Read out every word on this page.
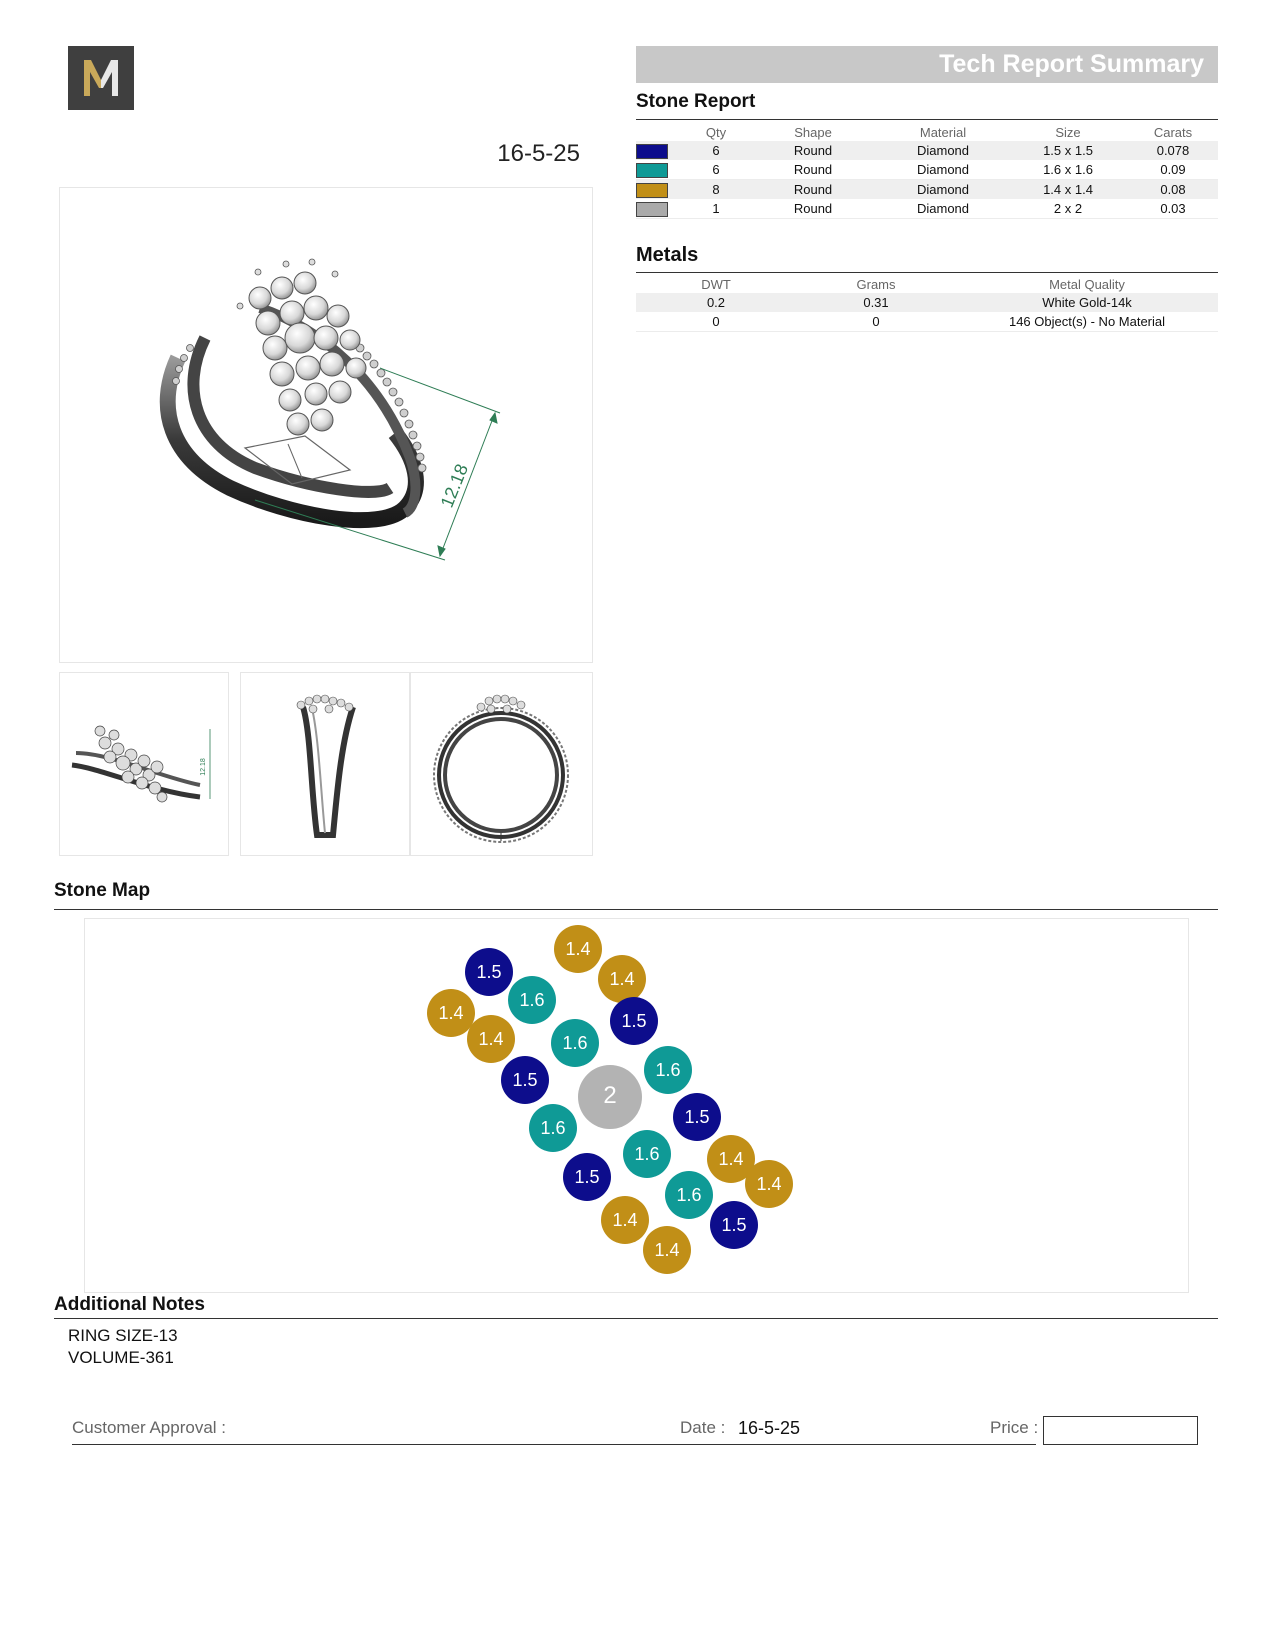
16-5-25
12.18
12.18
Tech Report Summary
Stone Report
	Qty	Shape	Material	Size	Carats
	6	Round	Diamond	1.5 x 1.5	0.078
	6	Round	Diamond	1.6 x 1.6	0.09
	8	Round	Diamond	1.4 x 1.4	0.08
	1	Round	Diamond	2 x 2	0.03
Metals
DWT	Grams	Metal Quality
0.2	0.31	White Gold-14k
0	0	146 Object(s) - No Material
Stone Map
1.4
1.5	1.4
1.6
1.4	1.5
1.4	1.6
1.6
1.5
2
1.5
1.6
1.6	1.4
1.5	1.4
1.6
1.4	1.5
1.4
Additional Notes
RING SIZE-13
VOLUME-361
Customer Approval :	Date : 16-5-25	Price :
